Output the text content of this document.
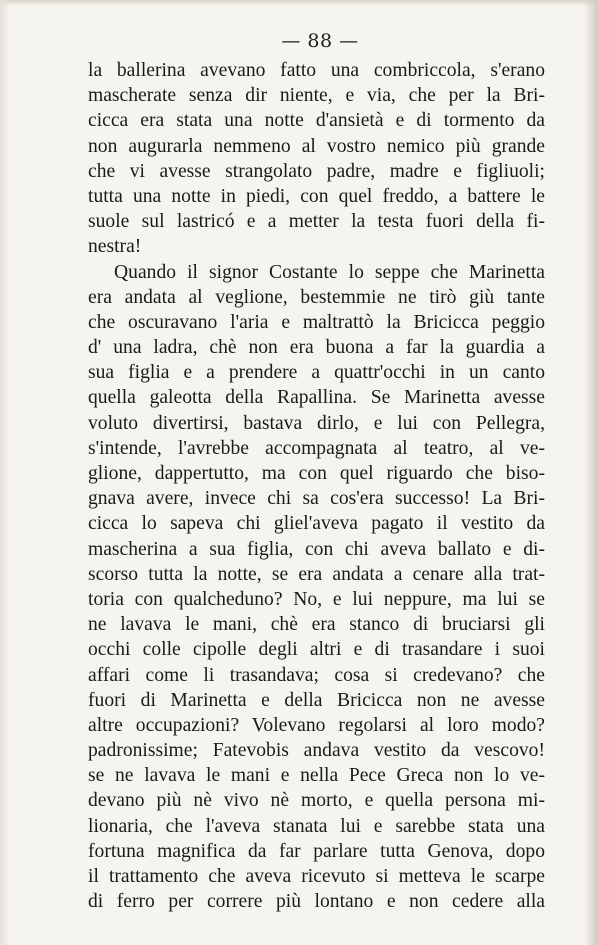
— 88 —
la ballerina avevano fatto una combriccola, s'erano
mascherate senza dir niente, e via, che per la Bri-
cicca era stata una notte d'ansietà e di tormento da
non augurarla nemmeno al vostro nemico più grande
che vi avesse strangolato padre, madre e figliuoli;
tutta una notte in piedi, con quel freddo, a battere le
suole sul lastricó e a metter la testa fuori della fi-
nestra!
Quando il signor Costante lo seppe che Marinetta
era andata al veglione, bestemmie ne tirò giù tante
che oscuravano l'aria e maltrattò la Bricicca peggio
d' una ladra, chè non era buona a far la guardia a
sua figlia e a prendere a quattr'occhi in un canto
quella galeotta della Rapallina. Se Marinetta avesse
voluto divertirsi, bastava dirlo, e lui con Pellegra,
s'intende, l'avrebbe accompagnata al teatro, al ve-
glione, dappertutto, ma con quel riguardo che biso-
gnava avere, invece chi sa cos'era successo! La Bri-
cicca lo sapeva chi gliel'aveva pagato il vestito da
mascherina a sua figlia, con chi aveva ballato e di-
scorso tutta la notte, se era andata a cenare alla trat-
toria con qualcheduno? No, e lui neppure, ma lui se
ne lavava le mani, chè era stanco di bruciarsi gli
occhi colle cipolle degli altri e di trasandare i suoi
affari come li trasandava; cosa si credevano? che
fuori di Marinetta e della Bricicca non ne avesse
altre occupazioni? Volevano regolarsi al loro modo?
padronissime; Fatevobis andava vestito da vescovo!
se ne lavava le mani e nella Pece Greca non lo ve-
devano più nè vivo nè morto, e quella persona mi-
lionaria, che l'aveva stanata lui e sarebbe stata una
fortuna magnifica da far parlare tutta Genova, dopo
il trattamento che aveva ricevuto si metteva le scarpe
di ferro per correre più lontano e non cedere alla
